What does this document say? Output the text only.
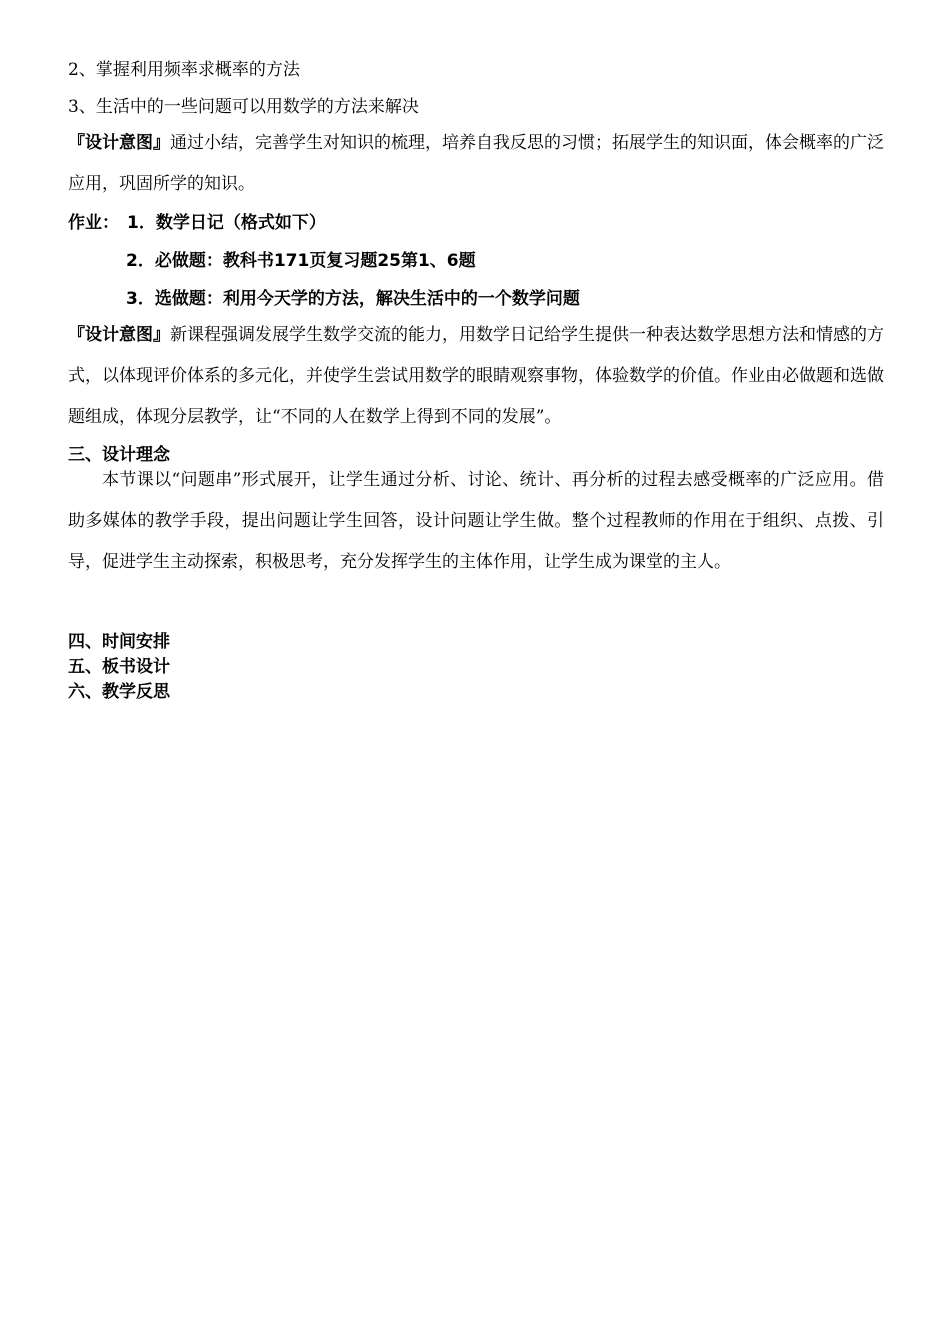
2、掌握利用频率求概率的方法
3、生活中的一些问题可以用数学的方法来解决
『设计意图』通过小结，完善学生对知识的梳理，培养自我反思的习惯；拓展学生的知识面，体会概率的广泛应用，巩固所学的知识。
作业： 1．数学日记（格式如下）
2．必做题：教科书171页复习题25第1、6题
3．选做题：利用今天学的方法，解决生活中的一个数学问题
『设计意图』新课程强调发展学生数学交流的能力，用数学日记给学生提供一种表达数学思想方法和情感的方式，以体现评价体系的多元化，并使学生尝试用数学的眼睛观察事物，体验数学的价值。作业由必做题和选做题组成，体现分层教学，让“不同的人在数学上得到不同的发展”。
三、设计理念
本节课以“问题串”形式展开，让学生通过分析、讨论、统计、再分析的过程去感受概率的广泛应用。借助多媒体的教学手段，提出问题让学生回答，设计问题让学生做。整个过程教师的作用在于组织、点拨、引导，促进学生主动探索，积极思考，充分发挥学生的主体作用，让学生成为课堂的主人。
四、时间安排
五、板书设计
六、教学反思
